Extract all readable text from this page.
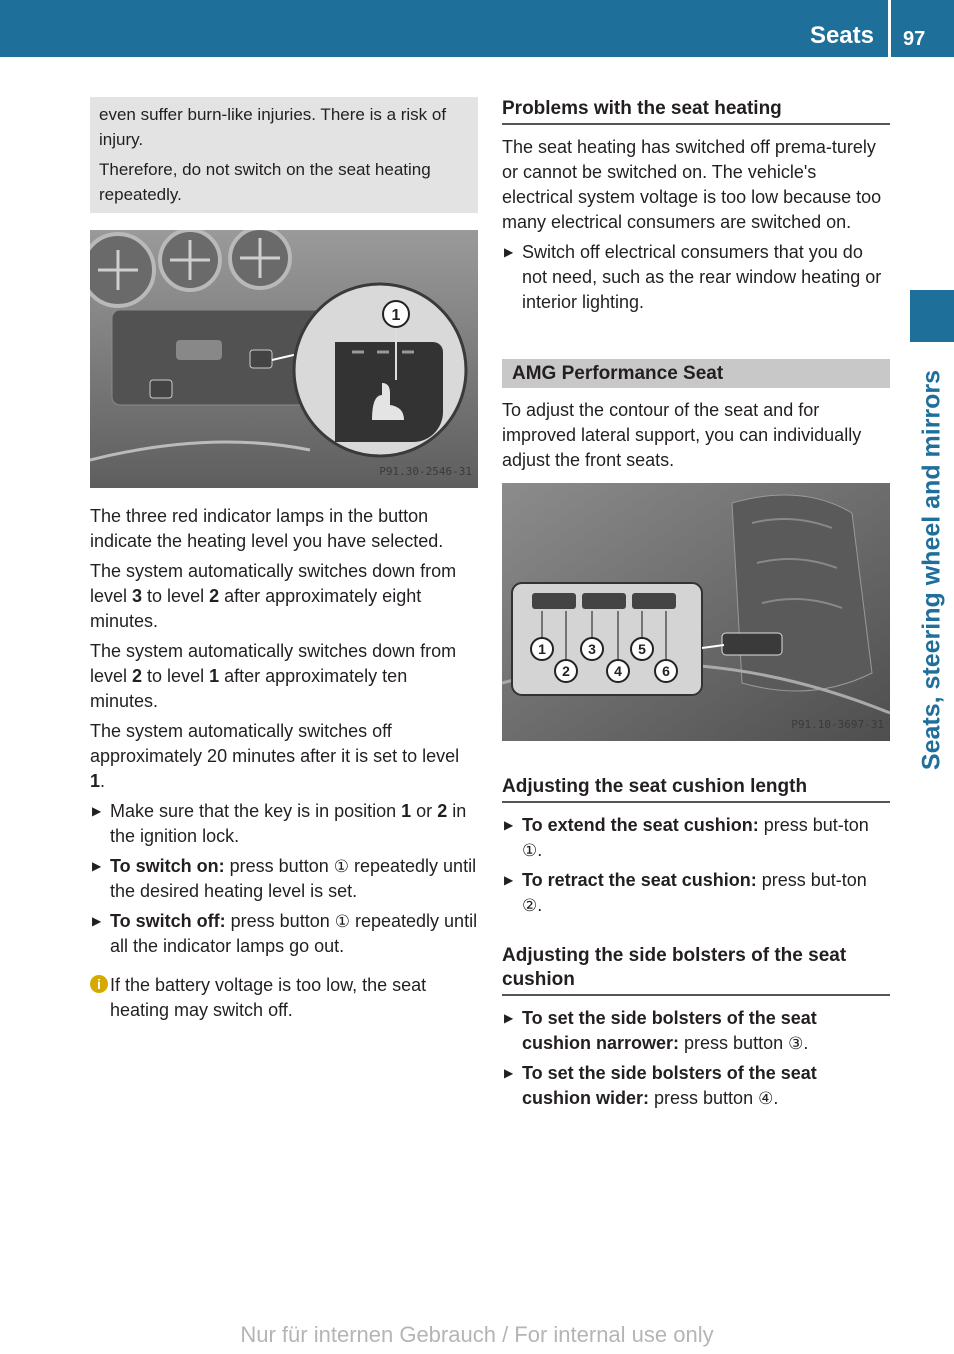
Seats 97
Seats, steering wheel and mirrors

even suffer burn-like injuries. There is a risk of injury.

Therefore, do not switch on the seat heating repeatedly.

1
P91.30-2546-31

The three red indicator lamps in the button indicate the heating level you have selected.

The system automatically switches down from level 3 to level 2 after approximately eight minutes.

The system automatically switches down from level 2 to level 1 after approximately ten minutes.

The system automatically switches off approximately 20 minutes after it is set to level 1.

▶ Make sure that the key is in position 1 or 2 in the ignition lock.
▶ To switch on: press button ① repeatedly until the desired heating level is set.
▶ To switch off: press button ① repeatedly until all the indicator lamps go out.
i If the battery voltage is too low, the seat heating may switch off.
Problems with the seat heating

The seat heating has switched off prema-turely or cannot be switched on. The vehicle's electrical system voltage is too low because too many electrical consumers are switched on.

▶ Switch off electrical consumers that you do not need, such as the rear window heating or interior lighting.
AMG Performance Seat

To adjust the contour of the seat and for improved lateral support, you can individually adjust the front seats.

1
2
3
4
5
6
P91.10-3697-31
Adjusting the seat cushion length
▶ To extend the seat cushion: press but-ton ①.
▶ To retract the seat cushion: press but-ton ②.
Adjusting the side bolsters of the seat cushion
▶ To set the side bolsters of the seat cushion narrower: press button ③.
▶ To set the side bolsters of the seat cushion wider: press button ④.
Nur für internen Gebrauch / For internal use only
